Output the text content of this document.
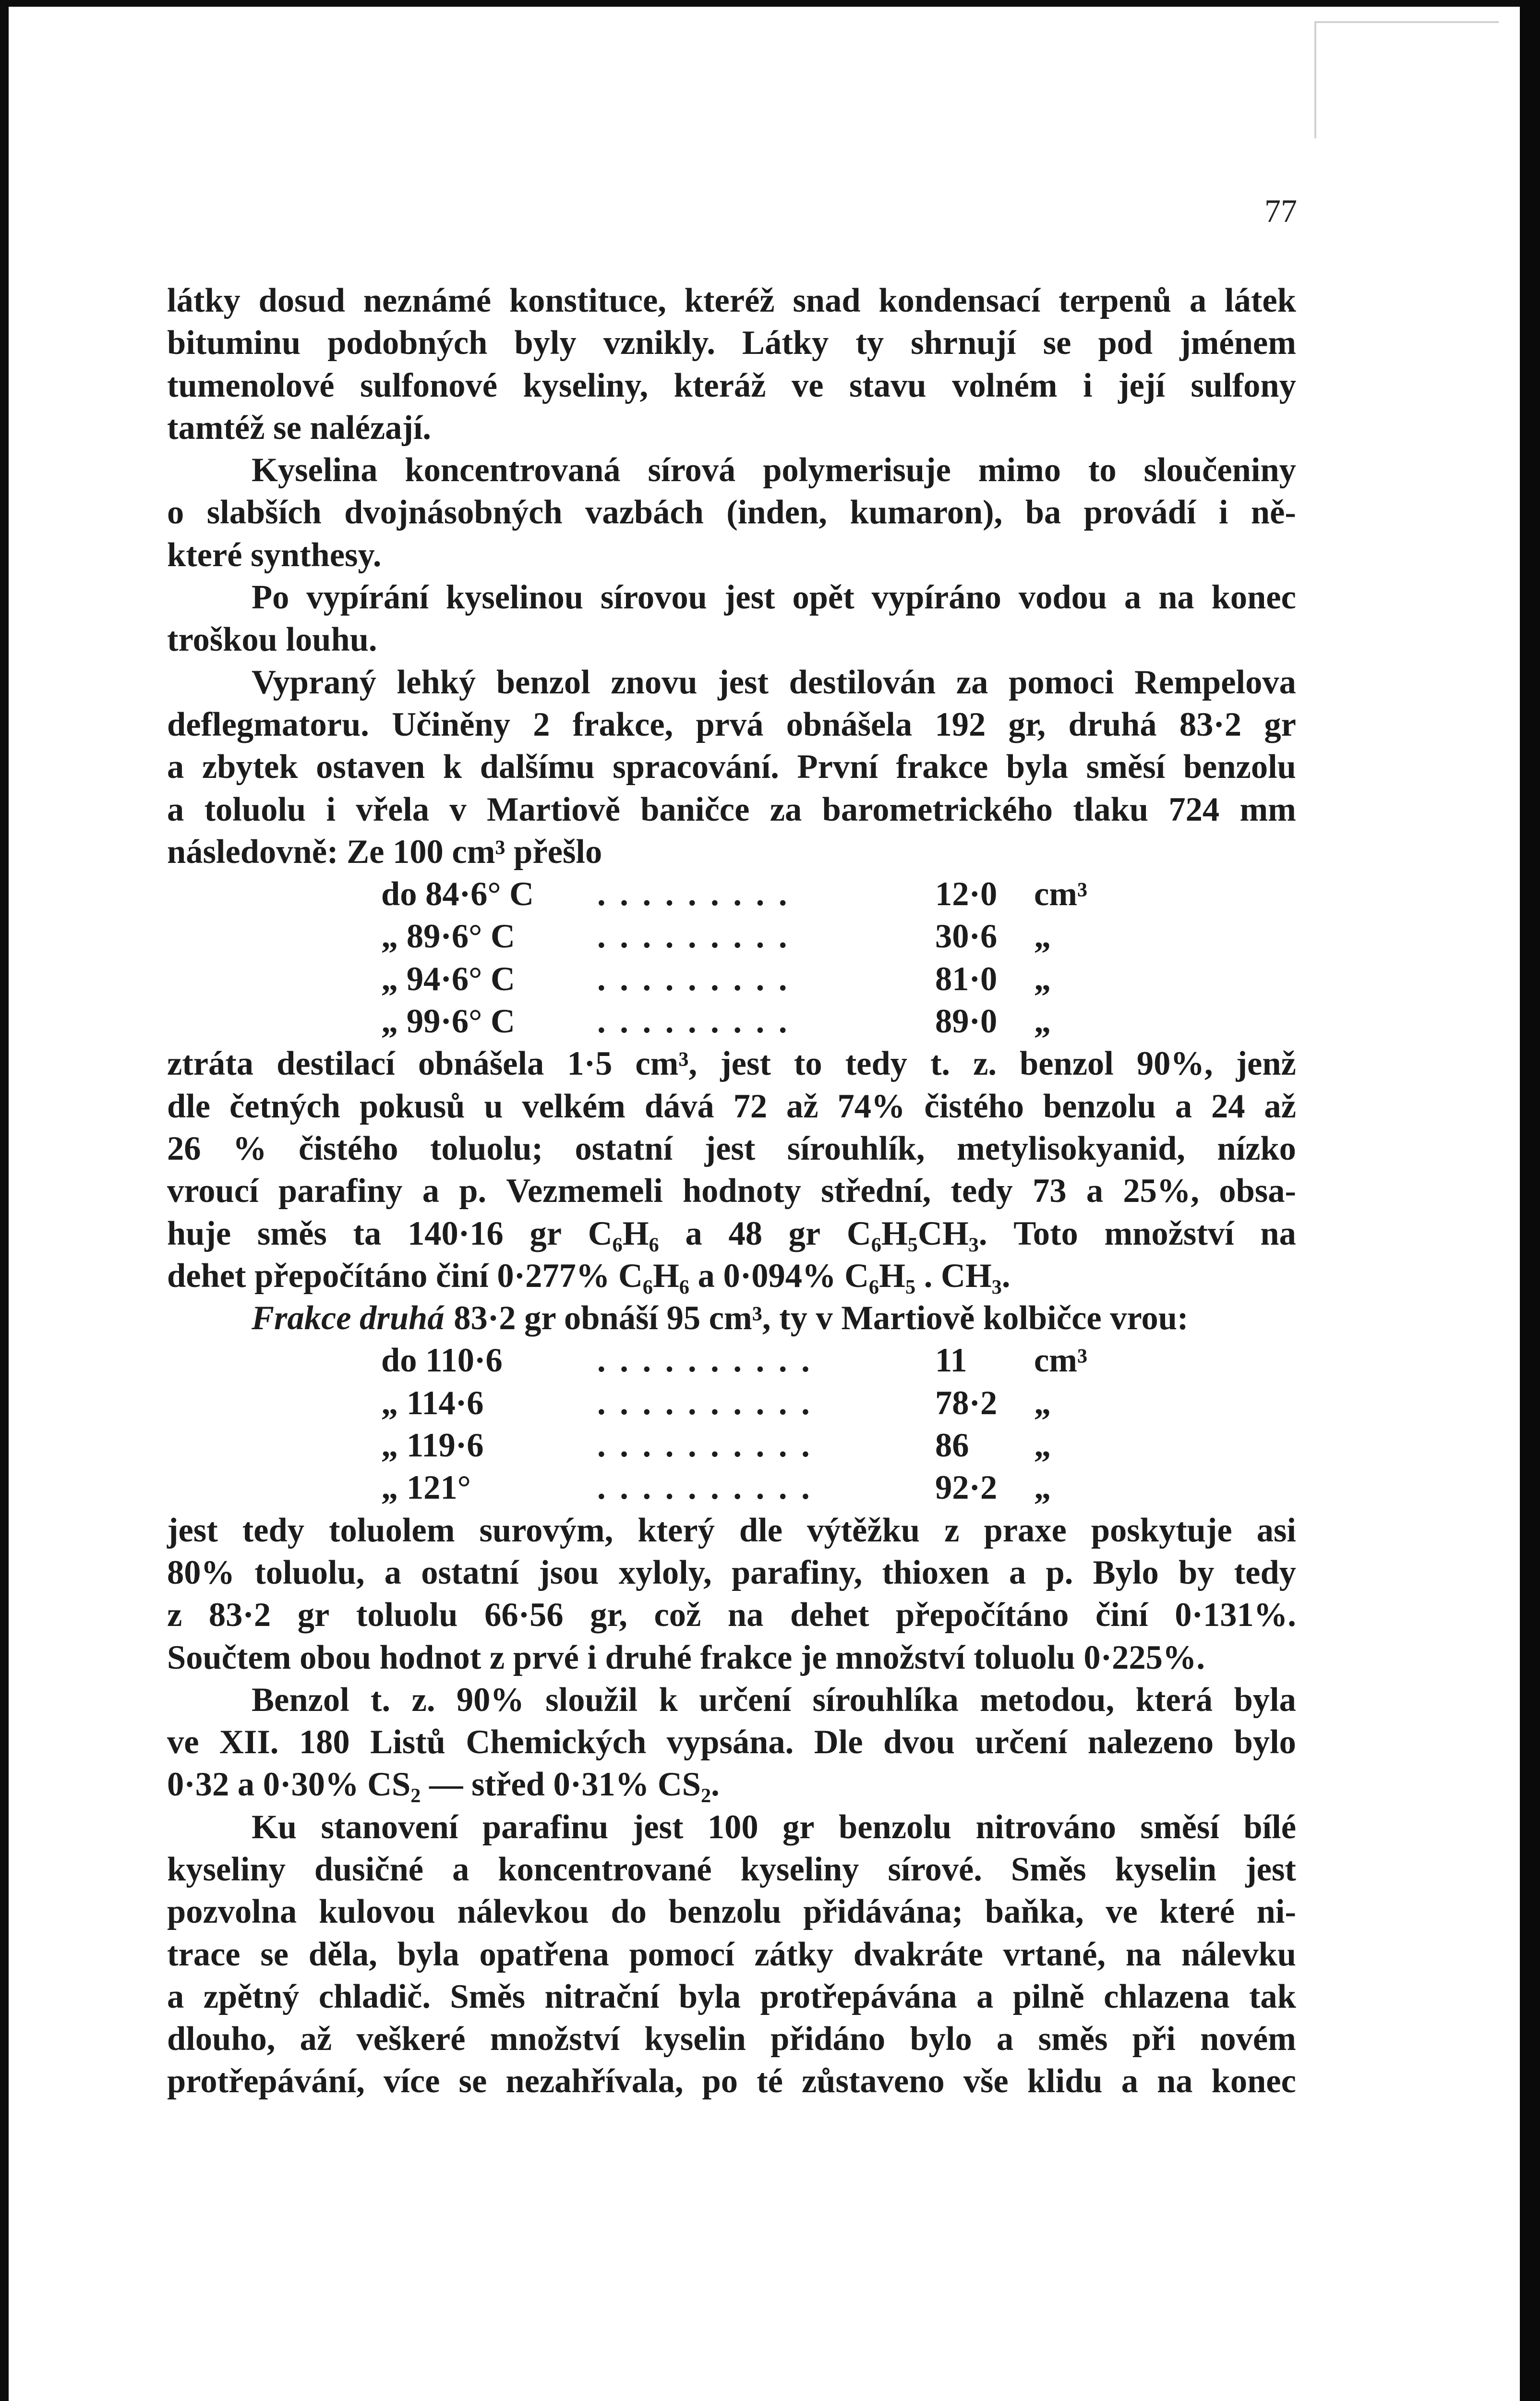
77
látky dosud neznámé konstituce, kteréž snad kondensací terpenů a látek
bituminu podobných byly vznikly. Látky ty shrnují se pod jménem
tumenolové sulfonové kyseliny, kteráž ve stavu volném i její sulfony
tamtéž se nalézají.
Kyselina koncentrovaná sírová polymerisuje mimo to sloučeniny
o slabších dvojnásobných vazbách (inden, kumaron), ba provádí i ně-
které synthesy.
Po vypírání kyselinou sírovou jest opět vypíráno vodou a na konec
troškou louhu.
Vypraný lehký benzol znovu jest destilován za pomoci Rempelova
deflegmatoru. Učiněny 2 frakce, prvá obnášela 192 gr, druhá 83·2 gr
a zbytek ostaven k dalšímu spracování. První frakce byla směsí benzolu
a toluolu i vřela v Martiově baničce za barometrického tlaku 724 mm
následovně: Ze 100 cm³ přešlo
do 84·6° C .........	12·0 cm³
„ 89·6° C .........	30·6 „
„ 94·6° C .........	81·0 „
„ 99·6° C .........	89·0 „
ztráta destilací obnášela 1·5 cm³, jest to tedy t. z. benzol 90%, jenž
dle četných pokusů u velkém dává 72 až 74% čistého benzolu a 24 až
26 % čistého toluolu; ostatní jest sírouhlík, metylisokyanid, nízko
vroucí parafiny a p. Vezmemeli hodnoty střední, tedy 73 a 25%, obsa-
huje směs ta 140·16 gr C₆H₆ a 48 gr C₆H₅CH₃. Toto množství na
dehet přepočítáno činí 0·277% C₆H₆ a 0·094% C₆H₅ . CH₃.
Frakce druhá 83·2 gr obnáší 95 cm³, ty v Martiově kolbičce vrou:
do 110·6	..........	11 cm³
„ 114·6	..........	78·2 „
„ 119·6	..........	86 „
„ 121°	..........	92·2 „
jest tedy toluolem surovým, který dle výtěžku z praxe poskytuje asi
80% toluolu, a ostatní jsou xyloly, parafiny, thioxen a p. Bylo by tedy
z 83·2 gr toluolu 66·56 gr, což na dehet přepočítáno činí 0·131%.
Součtem obou hodnot z prvé i druhé frakce je množství toluolu 0·225%.
Benzol t. z. 90% sloužil k určení sírouhlíka metodou, která byla
ve XII. 180 Listů Chemických vypsána. Dle dvou určení nalezeno bylo
0·32 a 0·30% CS₂ — střed 0·31% CS₂.
Ku stanovení parafinu jest 100 gr benzolu nitrováno směsí bílé
kyseliny dusičné a koncentrované kyseliny sírové. Směs kyselin jest
pozvolna kulovou nálevkou do benzolu přidávána; baňka, ve které ni-
trace se děla, byla opatřena pomocí zátky dvakráte vrtané, na nálevku
a zpětný chladič. Směs nitrační byla protřepávána a pilně chlazena tak
dlouho, až veškeré množství kyselin přidáno bylo a směs při novém
protřepávání, více se nezahřívala, po té zůstaveno vše klidu a na konec
